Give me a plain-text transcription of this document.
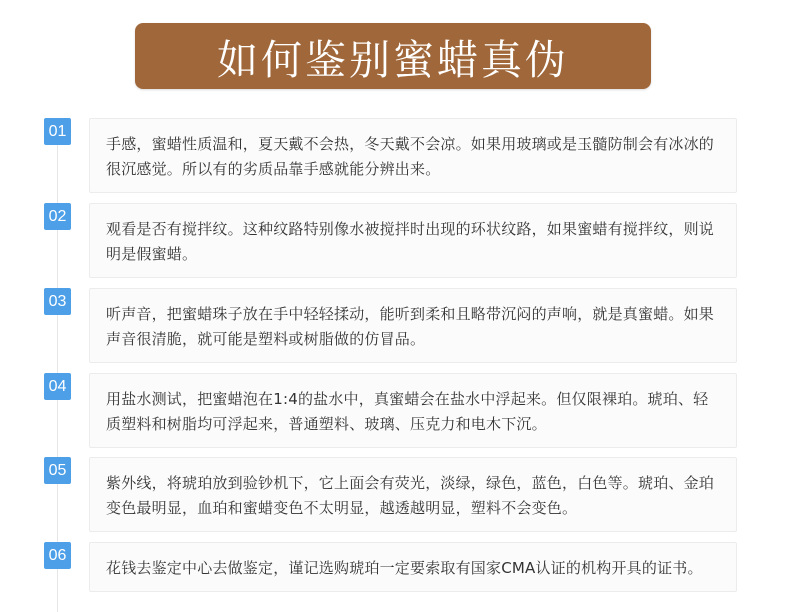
如何鉴别蜜蜡真伪
01

手感，蜜蜡性质温和，夏天戴不会热，冬天戴不会凉。如果用玻璃或是玉髓防制会有冰冰的很沉感觉。所以有的劣质品靠手感就能分辨出来。

02

观看是否有搅拌纹。这种纹路特别像水被搅拌时出现的环状纹路，如果蜜蜡有搅拌纹，则说明是假蜜蜡。

03

听声音，把蜜蜡珠子放在手中轻轻揉动，能听到柔和且略带沉闷的声响，就是真蜜蜡。如果声音很清脆，就可能是塑料或树脂做的仿冒品。

04

用盐水测试，把蜜蜡泡在1:4的盐水中，真蜜蜡会在盐水中浮起来。但仅限裸珀。琥珀、轻质塑料和树脂均可浮起来，普通塑料、玻璃、压克力和电木下沉。

05

紫外线，将琥珀放到验钞机下，它上面会有荧光，淡绿，绿色，蓝色，白色等。琥珀、金珀变色最明显，血珀和蜜蜡变色不太明显，越透越明显，塑料不会变色。

06

花钱去鉴定中心去做鉴定，谨记选购琥珀一定要索取有国家CMA认证的机构开具的证书。
